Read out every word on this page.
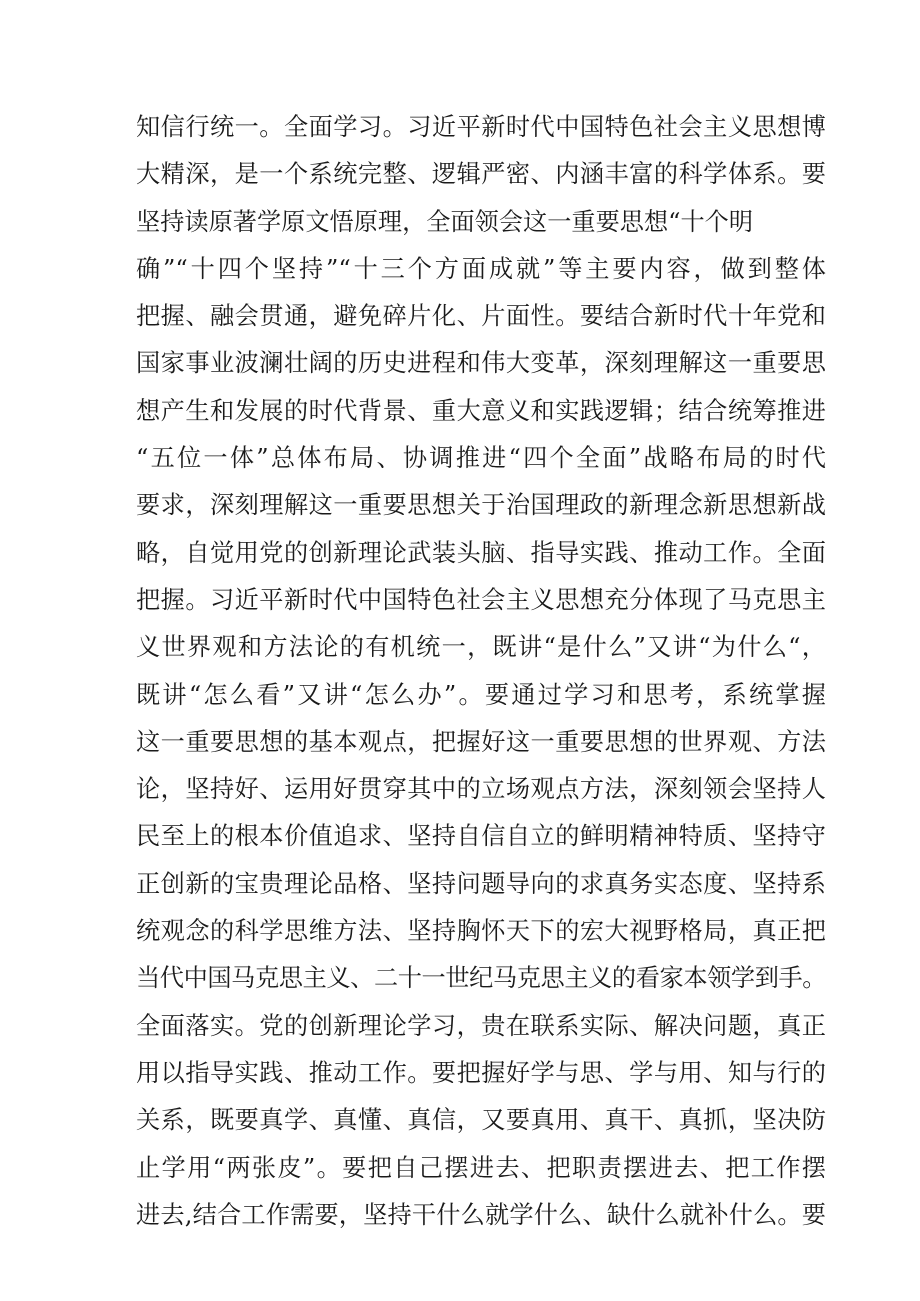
知信行统一。全面学习。习近平新时代中国特色社会主义思想博
大精深，是一个系统完整、逻辑严密、内涵丰富的科学体系。要
坚持读原著学原文悟原理，全面领会这一重要思想“十个明
确”“十四个坚持”“十三个方面成就”等主要内容，做到整体
把握、融会贯通，避免碎片化、片面性。要结合新时代十年党和
国家事业波澜壮阔的历史进程和伟大变革，深刻理解这一重要思
想产生和发展的时代背景、重大意义和实践逻辑；结合统筹推进
“五位一体”总体布局、协调推进“四个全面”战略布局的时代
要求，深刻理解这一重要思想关于治国理政的新理念新思想新战
略，自觉用党的创新理论武装头脑、指导实践、推动工作。全面
把握。习近平新时代中国特色社会主义思想充分体现了马克思主
义世界观和方法论的有机统一，既讲“是什么”又讲“为什么“，
既讲“怎么看”又讲“怎么办”。要通过学习和思考，系统掌握
这一重要思想的基本观点，把握好这一重要思想的世界观、方法
论，坚持好、运用好贯穿其中的立场观点方法，深刻领会坚持人
民至上的根本价值追求、坚持自信自立的鲜明精神特质、坚持守
正创新的宝贵理论品格、坚持问题导向的求真务实态度、坚持系
统观念的科学思维方法、坚持胸怀天下的宏大视野格局，真正把
当代中国马克思主义、二十一世纪马克思主义的看家本领学到手。
全面落实。党的创新理论学习，贵在联系实际、解决问题，真正
用以指导实践、推动工作。要把握好学与思、学与用、知与行的
关系，既要真学、真懂、真信，又要真用、真干、真抓，坚决防
止学用“两张皮”。要把自己摆进去、把职责摆进去、把工作摆
进去,结合工作需要，坚持干什么就学什么、缺什么就补什么。要
